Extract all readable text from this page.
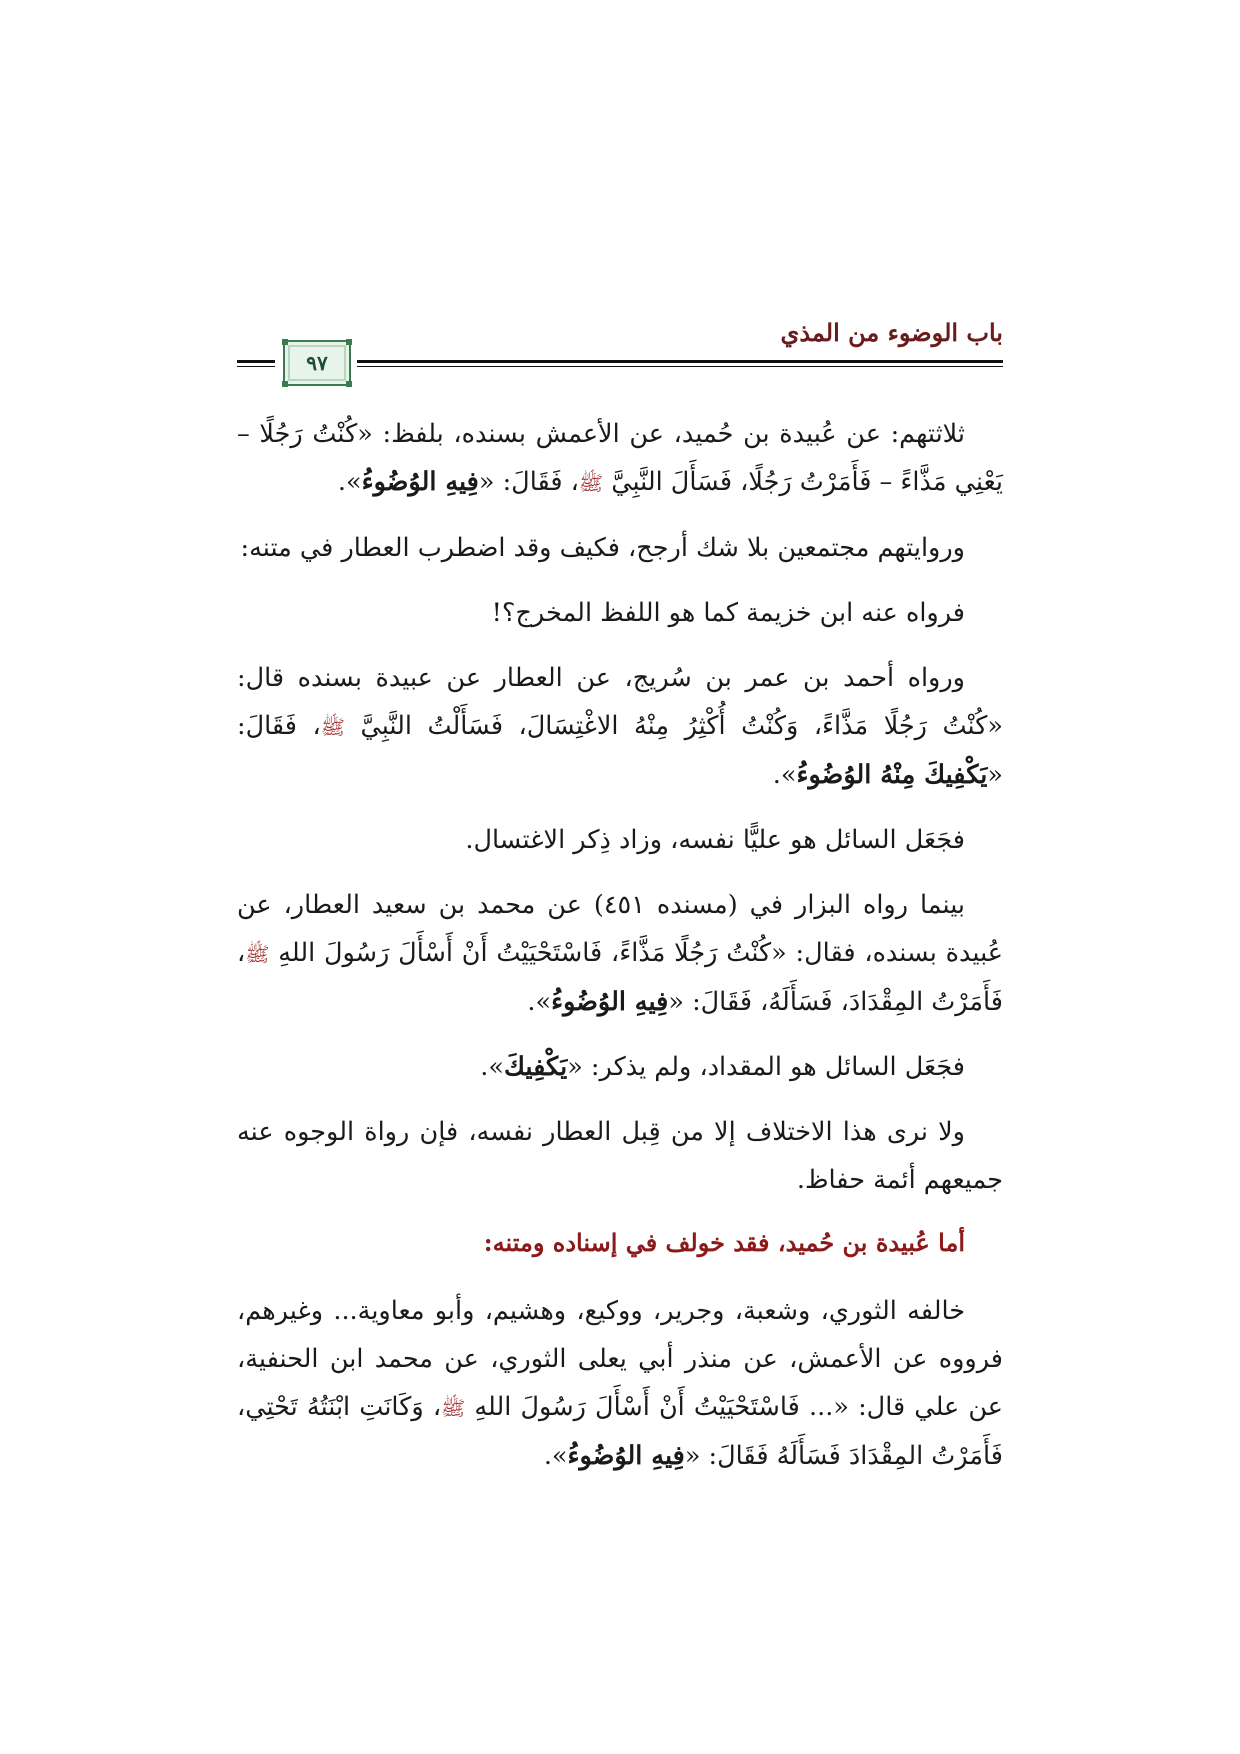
باب الوضوء من المذي
٩٧

ثلاثتهم: عن عُبيدة بن حُميد، عن الأعمش بسنده، بلفظ: «كُنْتُ رَجُلًا – يَعْنِي مَذَّاءً – فَأَمَرْتُ رَجُلًا، فَسَأَلَ النَّبِيَّ ﷺ، فَقَالَ: «فِيهِ الوُضُوءُ».

وروايتهم مجتمعين بلا شك أرجح، فكيف وقد اضطرب العطار في متنه:

فرواه عنه ابن خزيمة كما هو اللفظ المخرج؟!

ورواه أحمد بن عمر بن سُريج، عن العطار عن عبيدة بسنده قال: «كُنْتُ رَجُلًا مَذَّاءً، وَكُنْتُ أُكْثِرُ مِنْهُ الاغْتِسَالَ، فَسَأَلْتُ النَّبِيَّ ﷺ، فَقَالَ: «يَكْفِيكَ مِنْهُ الوُضُوءُ».

فجَعَل السائل هو عليًّا نفسه، وزاد ذِكر الاغتسال.

بينما رواه البزار في (مسنده ٤٥١) عن محمد بن سعيد العطار، عن عُبيدة بسنده، فقال: «كُنْتُ رَجُلًا مَذَّاءً، فَاسْتَحْيَيْتُ أَنْ أَسْأَلَ رَسُولَ اللهِ ﷺ، فَأَمَرْتُ المِقْدَادَ، فَسَأَلَهُ، فَقَالَ: «فِيهِ الوُضُوءُ».

فجَعَل السائل هو المقداد، ولم يذكر: «يَكْفِيكَ».

ولا نرى هذا الاختلاف إلا من قِبل العطار نفسه، فإن رواة الوجوه عنه جميعهم أئمة حفاظ.

أما عُبيدة بن حُميد، فقد خولف في إسناده ومتنه:

خالفه الثوري، وشعبة، وجرير، ووكيع، وهشيم، وأبو معاوية... وغيرهم، فرووه عن الأعمش، عن منذر أبي يعلى الثوري، عن محمد ابن الحنفية، عن علي قال: «... فَاسْتَحْيَيْتُ أَنْ أَسْأَلَ رَسُولَ اللهِ ﷺ، وَكَانَتِ ابْنَتُهُ تَحْتِي، فَأَمَرْتُ المِقْدَادَ فَسَأَلَهُ فَقَالَ: «فِيهِ الوُضُوءُ».
